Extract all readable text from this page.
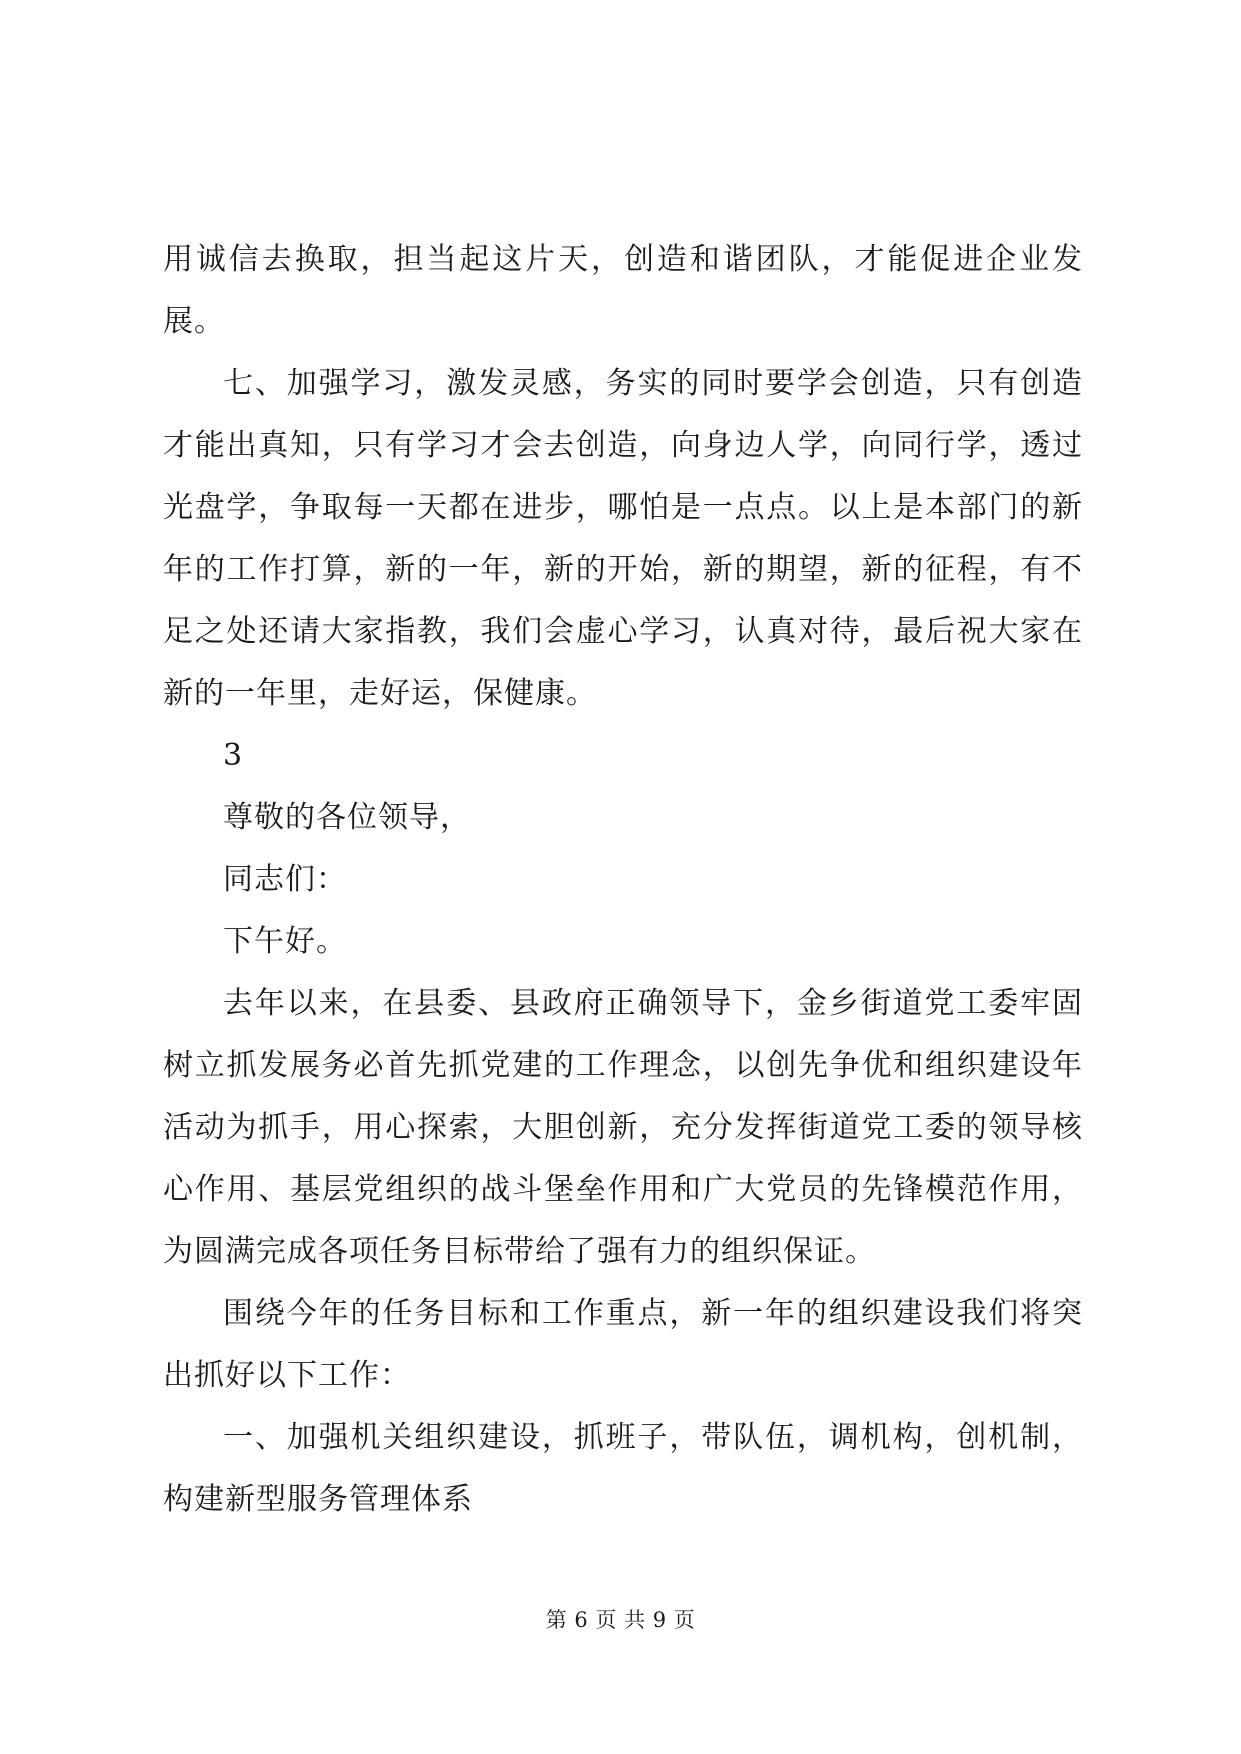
用诚信去换取，担当起这片天，创造和谐团队，才能促进企业发展。

七、加强学习，激发灵感，务实的同时要学会创造，只有创造才能出真知，只有学习才会去创造，向身边人学，向同行学，透过光盘学，争取每一天都在进步，哪怕是一点点。以上是本部门的新年的工作打算，新的一年，新的开始，新的期望，新的征程，有不足之处还请大家指教，我们会虚心学习，认真对待，最后祝大家在新的一年里，走好运，保健康。

3

尊敬的各位领导，

同志们：

下午好。

去年以来，在县委、县政府正确领导下，金乡街道党工委牢固树立抓发展务必首先抓党建的工作理念，以创先争优和组织建设年活动为抓手，用心探索，大胆创新，充分发挥街道党工委的领导核心作用、基层党组织的战斗堡垒作用和广大党员的先锋模范作用，为圆满完成各项任务目标带给了强有力的组织保证。

围绕今年的任务目标和工作重点，新一年的组织建设我们将突出抓好以下工作：

一、加强机关组织建设，抓班子，带队伍，调机构，创机制，构建新型服务管理体系

第 6 页 共 9 页
